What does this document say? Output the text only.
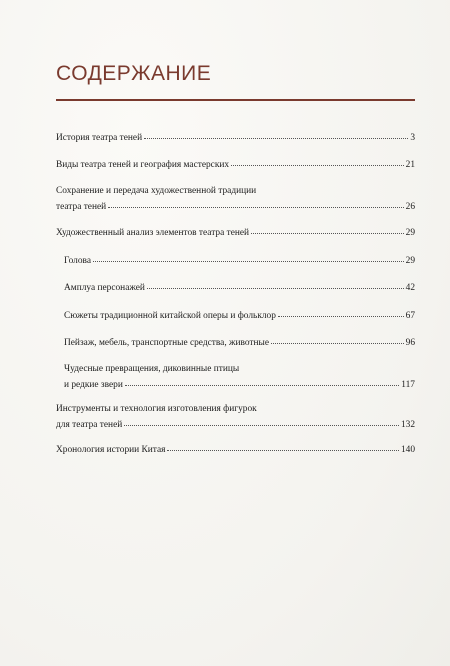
СОДЕРЖАНИЕ
История театра теней	3
Виды театра теней и география мастерских	21
Сохранение и передача художественной традиции
театра теней	26
Художественный анализ элементов театра теней	29
Голова	29
Амплуа персонажей	42
Сюжеты традиционной китайской оперы и фольклор	67
Пейзаж, мебель, транспортные средства, животные	96
Чудесные превращения, диковинные птицы
и редкие звери	117
Инструменты и технология изготовления фигурок
для театра теней	132
Хронология истории Китая	140
